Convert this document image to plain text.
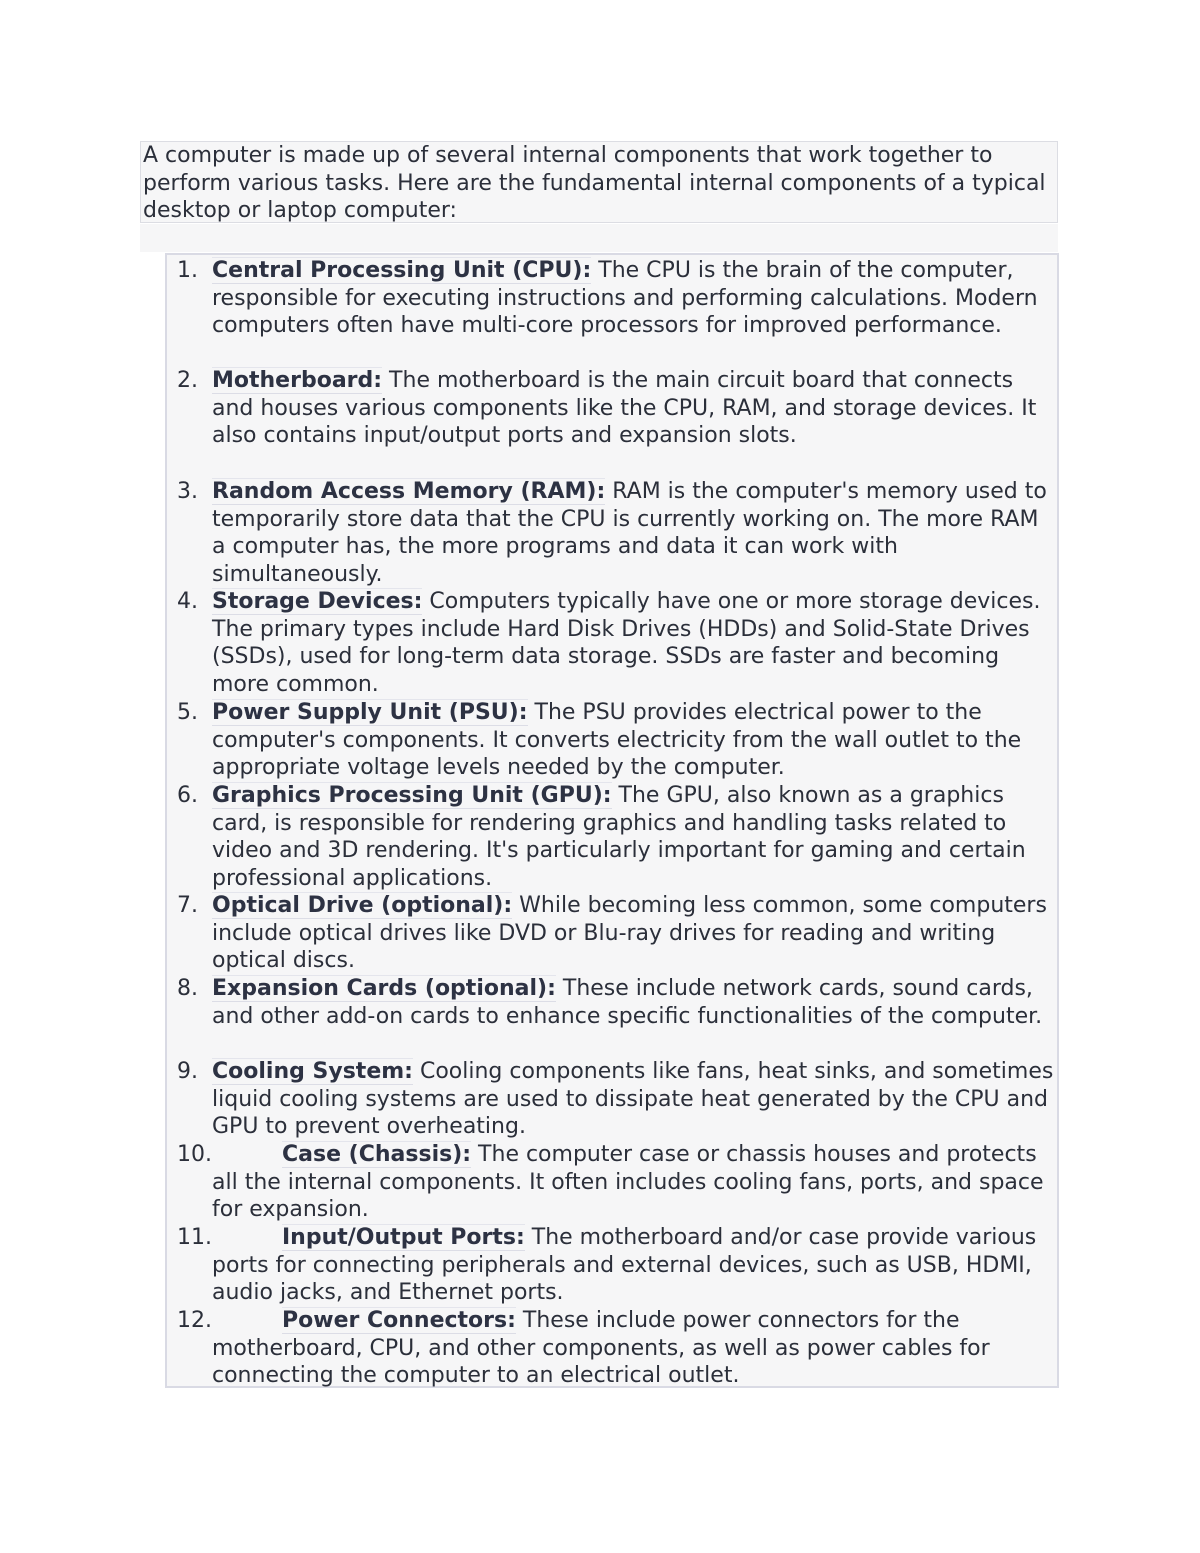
A computer is made up of several internal components that work together to perform various tasks. Here are the fundamental internal components of a typical desktop or laptop computer:
1. Central Processing Unit (CPU): The CPU is the brain of the computer, responsible for executing instructions and performing calculations. Modern computers often have multi-core processors for improved performance.
2. Motherboard: The motherboard is the main circuit board that connects and houses various components like the CPU, RAM, and storage devices. It also contains input/output ports and expansion slots.
3. Random Access Memory (RAM): RAM is the computer's memory used to temporarily store data that the CPU is currently working on. The more RAM a computer has, the more programs and data it can work with simultaneously.
4. Storage Devices: Computers typically have one or more storage devices. The primary types include Hard Disk Drives (HDDs) and Solid-State Drives (SSDs), used for long-term data storage. SSDs are faster and becoming more common.
5. Power Supply Unit (PSU): The PSU provides electrical power to the computer's components. It converts electricity from the wall outlet to the appropriate voltage levels needed by the computer.
6. Graphics Processing Unit (GPU): The GPU, also known as a graphics card, is responsible for rendering graphics and handling tasks related to video and 3D rendering. It's particularly important for gaming and certain professional applications.
7. Optical Drive (optional): While becoming less common, some computers include optical drives like DVD or Blu-ray drives for reading and writing optical discs.
8. Expansion Cards (optional): These include network cards, sound cards, and other add-on cards to enhance specific functionalities of the computer.
9. Cooling System: Cooling components like fans, heat sinks, and sometimes liquid cooling systems are used to dissipate heat generated by the CPU and GPU to prevent overheating.
10.	Case (Chassis): The computer case or chassis houses and protects all the internal components. It often includes cooling fans, ports, and space for expansion.
11.	Input/Output Ports: The motherboard and/or case provide various ports for connecting peripherals and external devices, such as USB, HDMI, audio jacks, and Ethernet ports.
12.	Power Connectors: These include power connectors for the motherboard, CPU, and other components, as well as power cables for connecting the computer to an electrical outlet.
